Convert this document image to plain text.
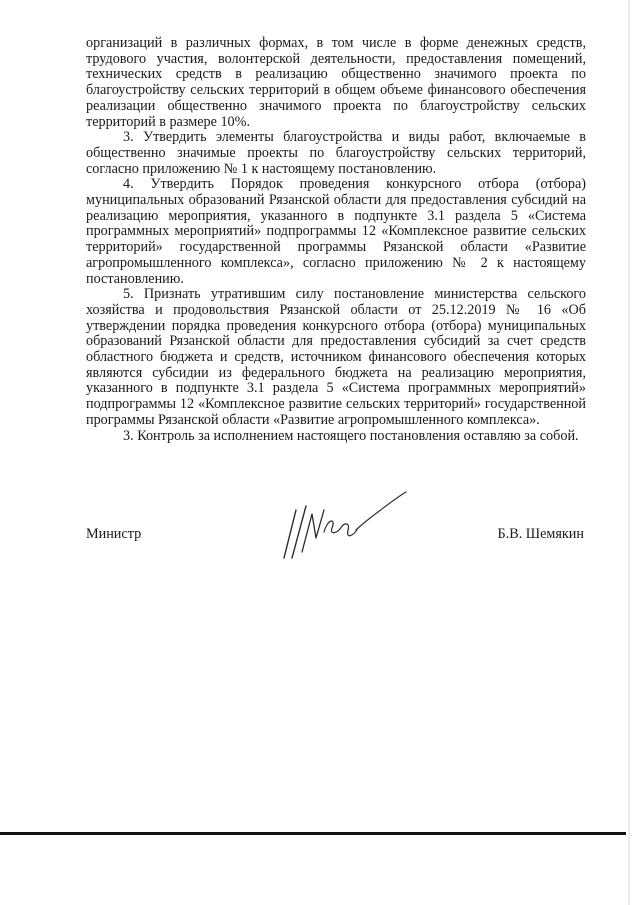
организаций в различных формах, в том числе в форме денежных средств, трудового участия, волонтерской деятельности, предоставления помещений, технических средств в реализацию общественно значимого проекта по благоустройству сельских территорий в общем объеме финансового обеспечения реализации общественно значимого проекта по благоустройству сельских территорий в размере 10%.

3. Утвердить элементы благоустройства и виды работ, включаемые в общественно значимые проекты по благоустройству сельских территорий, согласно приложению № 1 к настоящему постановлению.

4. Утвердить Порядок проведения конкурсного отбора (отбора) муниципальных образований Рязанской области для предоставления субсидий на реализацию мероприятия, указанного в подпункте 3.1 раздела 5 «Система программных мероприятий» подпрограммы 12 «Комплексное развитие сельских территорий» государственной программы Рязанской области «Развитие агропромышленного комплекса», согласно приложению № 2 к настоящему постановлению.

5. Признать утратившим силу постановление министерства сельского хозяйства и продовольствия Рязанской области от 25.12.2019 № 16 «Об утверждении порядка проведения конкурсного отбора (отбора) муниципальных образований Рязанской области для предоставления субсидий за счет средств областного бюджета и средств, источником финансового обеспечения которых являются субсидии из федерального бюджета на реализацию мероприятия, указанного в подпункте 3.1 раздела 5 «Система программных мероприятий» подпрограммы 12 «Комплексное развитие сельских территорий» государственной программы Рязанской области «Развитие агропромышленного комплекса».

3. Контроль за исполнением настоящего постановления оставляю за собой.

Министр	Б.В. Шемякин
